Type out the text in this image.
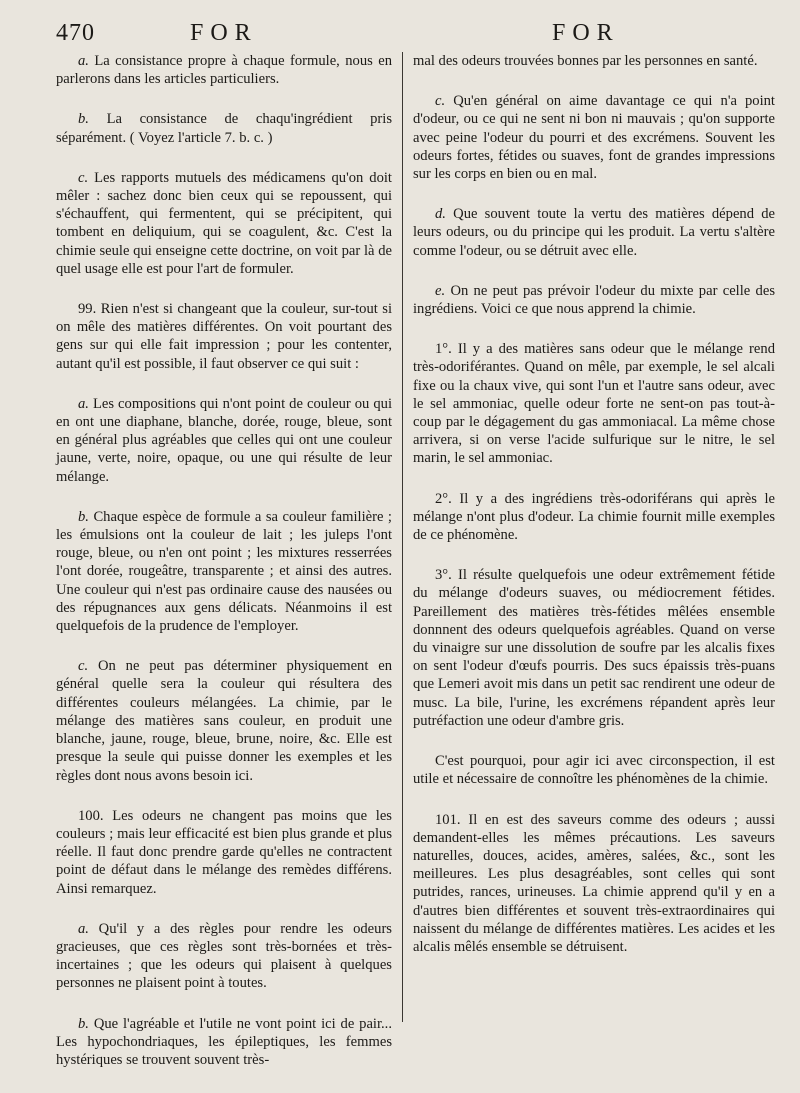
470	FOR	FOR

a. La consistance propre à chaque formule, nous en parlerons dans les articles particuliers.

b. La consistance de chaqu'ingrédient pris séparément. ( Voyez l'article 7. b. c. )

c. Les rapports mutuels des médicamens qu'on doit mêler : sachez donc bien ceux qui se repoussent, qui s'échauffent, qui fermentent, qui se précipitent, qui tombent en deliquium, qui se coagulent, &c. C'est la chimie seule qui enseigne cette doctrine, on voit par là de quel usage elle est pour l'art de formuler.

99. Rien n'est si changeant que la couleur, sur-tout si on mêle des matières différentes. On voit pourtant des gens sur qui elle fait impression ; pour les contenter, autant qu'il est possible, il faut observer ce qui suit :

a. Les compositions qui n'ont point de couleur ou qui en ont une diaphane, blanche, dorée, rouge, bleue, sont en général plus agréables que celles qui ont une couleur jaune, verte, noire, opaque, ou une qui résulte de leur mélange.

b. Chaque espèce de formule a sa couleur familière ; les émulsions ont la couleur de lait ; les juleps l'ont rouge, bleue, ou n'en ont point ; les mixtures resserrées l'ont dorée, rougeâtre, transparente ; et ainsi des autres. Une couleur qui n'est pas ordinaire cause des nausées ou des répugnances aux gens délicats. Néanmoins il est quelquefois de la prudence de l'employer.

c. On ne peut pas déterminer physiquement en général quelle sera la couleur qui résultera des différentes couleurs mélangées. La chimie, par le mélange des matières sans couleur, en produit une blanche, jaune, rouge, bleue, brune, noire, &c. Elle est presque la seule qui puisse donner les exemples et les règles dont nous avons besoin ici.

100. Les odeurs ne changent pas moins que les couleurs ; mais leur efficacité est bien plus grande et plus réelle. Il faut donc prendre garde qu'elles ne contractent point de défaut dans le mélange des remèdes différens. Ainsi remarquez.

a. Qu'il y a des règles pour rendre les odeurs gracieuses, que ces règles sont très-bornées et très-incertaines ; que les odeurs qui plaisent à quelques personnes ne plaisent point à toutes.

b. Que l'agréable et l'utile ne vont point ici de pair... Les hypochondriaques, les épileptiques, les femmes hystériques se trouvent souvent très-

mal des odeurs trouvées bonnes par les personnes en santé.

c. Qu'en général on aime davantage ce qui n'a point d'odeur, ou ce qui ne sent ni bon ni mauvais ; qu'on supporte avec peine l'odeur du pourri et des excrémens. Souvent les odeurs fortes, fétides ou suaves, font de grandes impressions sur les corps en bien ou en mal.

d. Que souvent toute la vertu des matières dépend de leurs odeurs, ou du principe qui les produit. La vertu s'altère comme l'odeur, ou se détruit avec elle.

e. On ne peut pas prévoir l'odeur du mixte par celle des ingrédiens. Voici ce que nous apprend la chimie.

1°. Il y a des matières sans odeur que le mélange rend très-odoriférantes. Quand on mêle, par exemple, le sel alcali fixe ou la chaux vive, qui sont l'un et l'autre sans odeur, avec le sel ammoniac, quelle odeur forte ne sent-on pas tout-à-coup par le dégagement du gas ammoniacal. La même chose arrivera, si on verse l'acide sulfurique sur le nitre, le sel marin, le sel ammoniac.

2°. Il y a des ingrédiens très-odoriférans qui après le mélange n'ont plus d'odeur. La chimie fournit mille exemples de ce phénomène.

3°. Il résulte quelquefois une odeur extrêmement fétide du mélange d'odeurs suaves, ou médiocrement fétides. Pareillement des matières très-fétides mêlées ensemble donnnent des odeurs quelquefois agréables. Quand on verse du vinaigre sur une dissolution de soufre par les alcalis fixes on sent l'odeur d'œufs pourris. Des sucs épaissis très-puans que Lemeri avoit mis dans un petit sac rendirent une odeur de musc. La bile, l'urine, les excrémens répandent après leur putréfaction une odeur d'ambre gris.

C'est pourquoi, pour agir ici avec circonspection, il est utile et nécessaire de connoître les phénomènes de la chimie.

101. Il en est des saveurs comme des odeurs ; aussi demandent-elles les mêmes précautions. Les saveurs naturelles, douces, acides, amères, salées, &c., sont les meilleures. Les plus desagréables, sont celles qui sont putrides, rances, urineuses. La chimie apprend qu'il y en a d'autres bien différentes et souvent très-extraordinaires qui naissent du mélange de différentes matières. Les acides et les alcalis mêlés ensemble se détruisent.
